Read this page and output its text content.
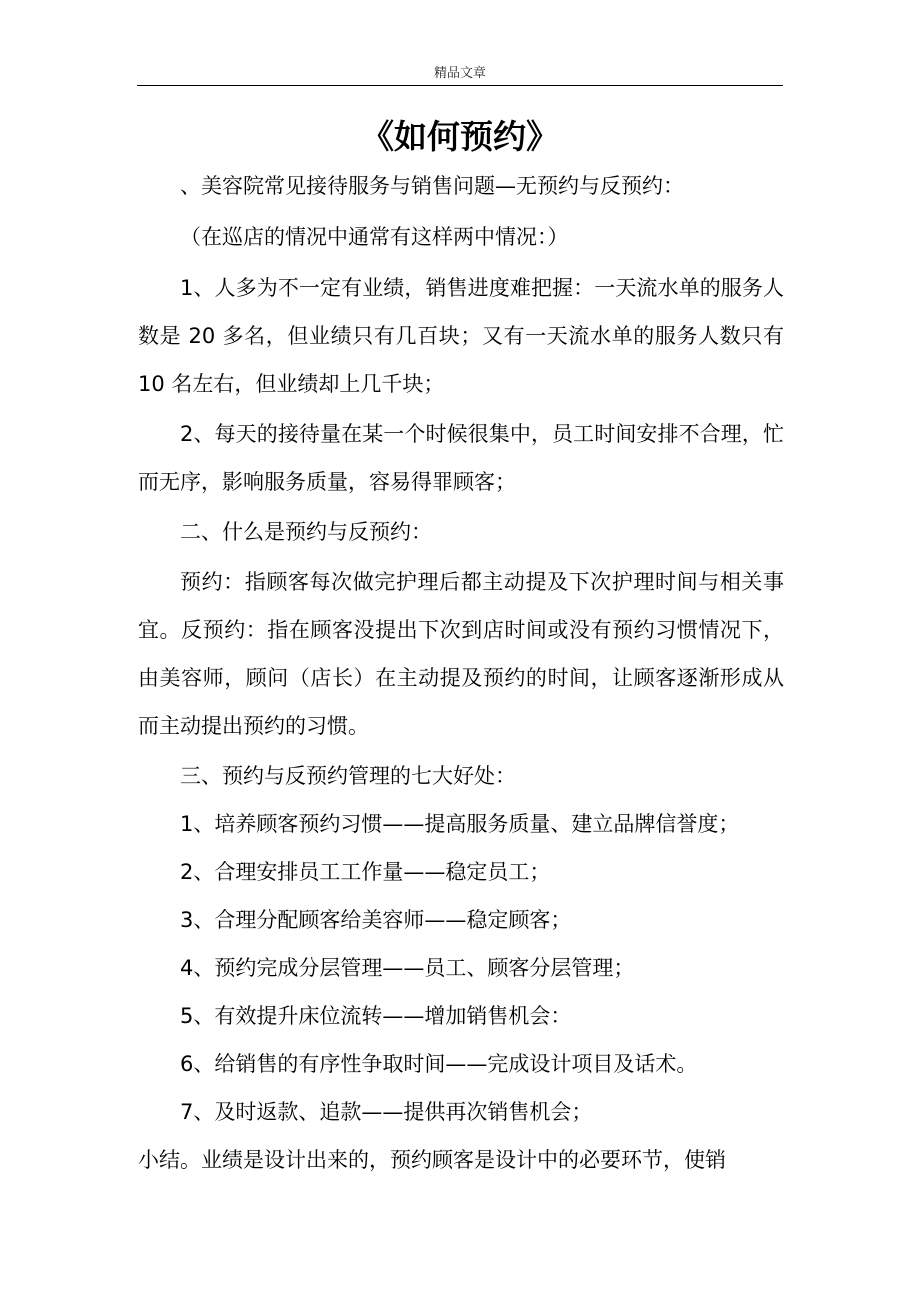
精品文章
《如何预约》
、美容院常见接待服务与销售问题—无预约与反预约：
（在巡店的情况中通常有这样两中情况：）
1、人多为不一定有业绩，销售进度难把握：一天流水单的服务人数是 20 多名，但业绩只有几百块；又有一天流水单的服务人数只有 10 名左右，但业绩却上几千块；
2、每天的接待量在某一个时候很集中，员工时间安排不合理，忙而无序，影响服务质量，容易得罪顾客；
二、什么是预约与反预约：
预约：指顾客每次做完护理后都主动提及下次护理时间与相关事宜。反预约：指在顾客没提出下次到店时间或没有预约习惯情况下，由美容师，顾问（店长）在主动提及预约的时间，让顾客逐渐形成从而主动提出预约的习惯。
三、预约与反预约管理的七大好处：
1、培养顾客预约习惯——提高服务质量、建立品牌信誉度；
2、合理安排员工工作量——稳定员工；
3、合理分配顾客给美容师——稳定顾客；
4、预约完成分层管理——员工、顾客分层管理；
5、有效提升床位流转——增加销售机会：
6、给销售的有序性争取时间——完成设计项目及话术。
7、及时返款、追款——提供再次销售机会；
小结。业绩是设计出来的，预约顾客是设计中的必要环节，使销
